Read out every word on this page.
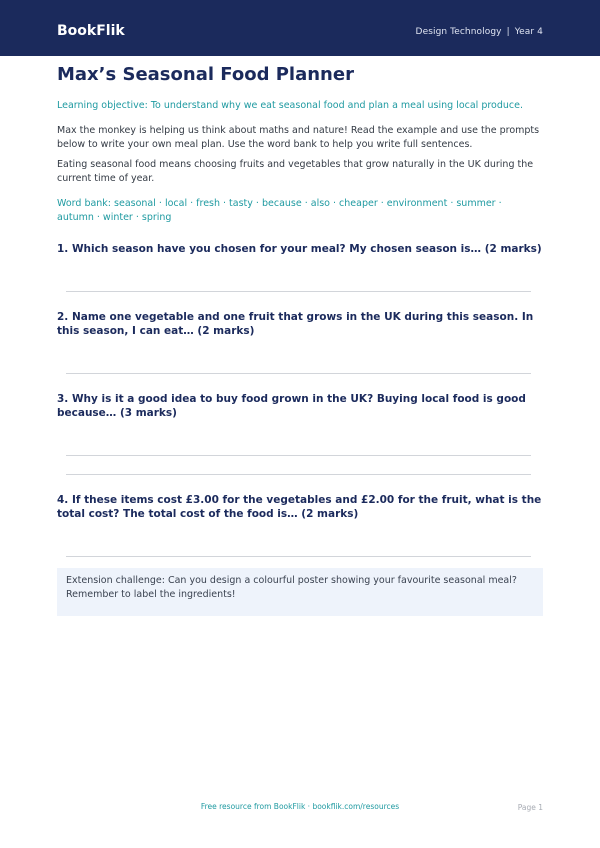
BookFlik	Design Technology | Year 4
Max’s Seasonal Food Planner
Learning objective: To understand why we eat seasonal food and plan a meal using local produce.
Max the monkey is helping us think about maths and nature! Read the example and use the prompts below to write your own meal plan. Use the word bank to help you write full sentences.
Eating seasonal food means choosing fruits and vegetables that grow naturally in the UK during the current time of year.
Word bank: seasonal · local · fresh · tasty · because · also · cheaper · environment · summer · autumn · winter · spring
1. Which season have you chosen for your meal? My chosen season is… (2 marks)
2. Name one vegetable and one fruit that grows in the UK during this season. In this season, I can eat… (2 marks)
3. Why is it a good idea to buy food grown in the UK? Buying local food is good because… (3 marks)
4. If these items cost £3.00 for the vegetables and £2.00 for the fruit, what is the total cost? The total cost of the food is… (2 marks)
Extension challenge: Can you design a colourful poster showing your favourite seasonal meal? Remember to label the ingredients!
Free resource from BookFlik · bookflik.com/resources	Page 1
